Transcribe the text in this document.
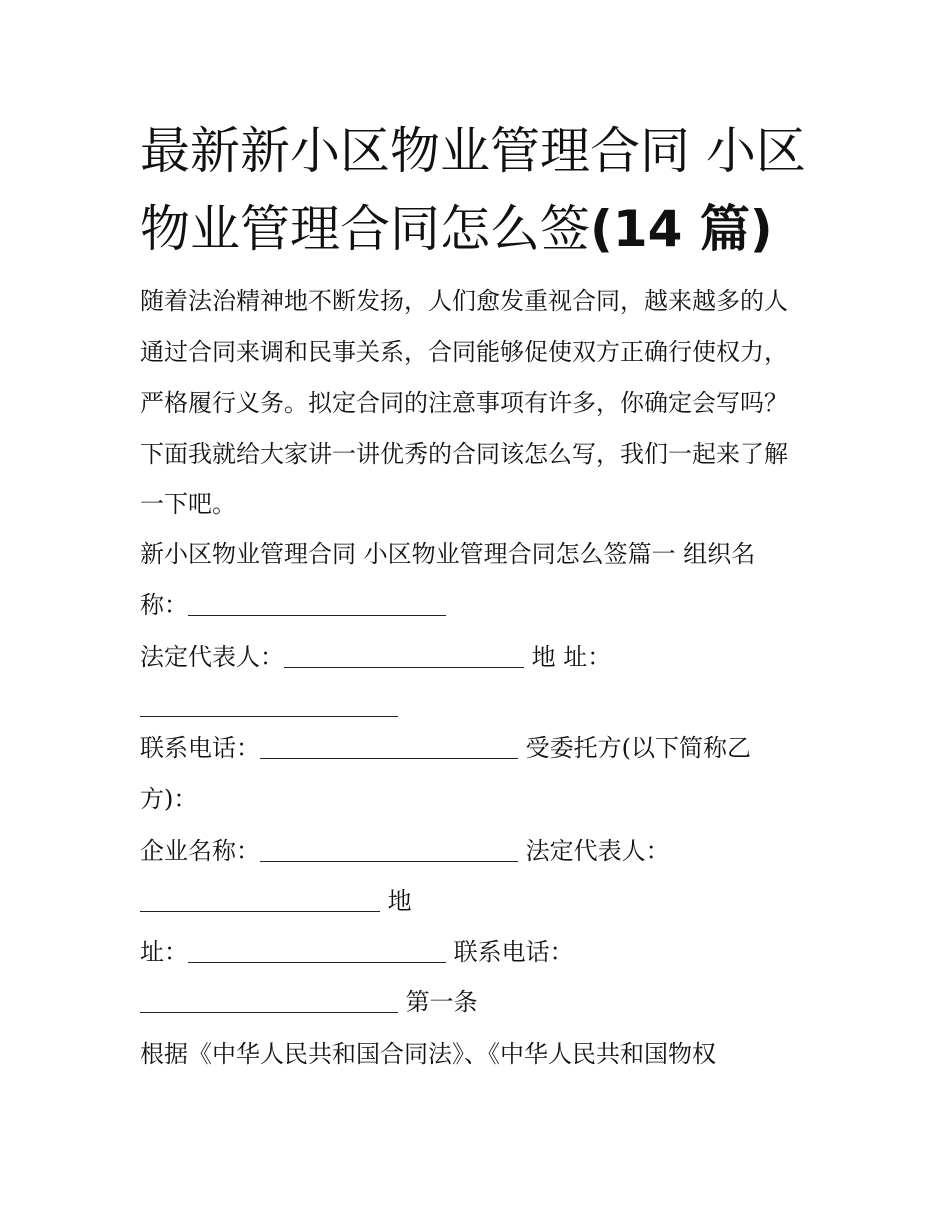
最新新小区物业管理合同 小区
物业管理合同怎么签(14 篇)
随着法治精神地不断发扬，人们愈发重视合同，越来越多的人
通过合同来调和民事关系，合同能够促使双方正确行使权力，
严格履行义务。拟定合同的注意事项有许多，你确定会写吗？
下面我就给大家讲一讲优秀的合同该怎么写，我们一起来了解
一下吧。
新小区物业管理合同 小区物业管理合同怎么签篇一 组织名
称：
法定代表人：	地 址：
联系电话：	受委托方(以下简称乙
方)：
企业名称：	法定代表人：
地
址：	联系电话：
第一条
根据《中华人民共和国合同法》、《中华人民共和国物权
